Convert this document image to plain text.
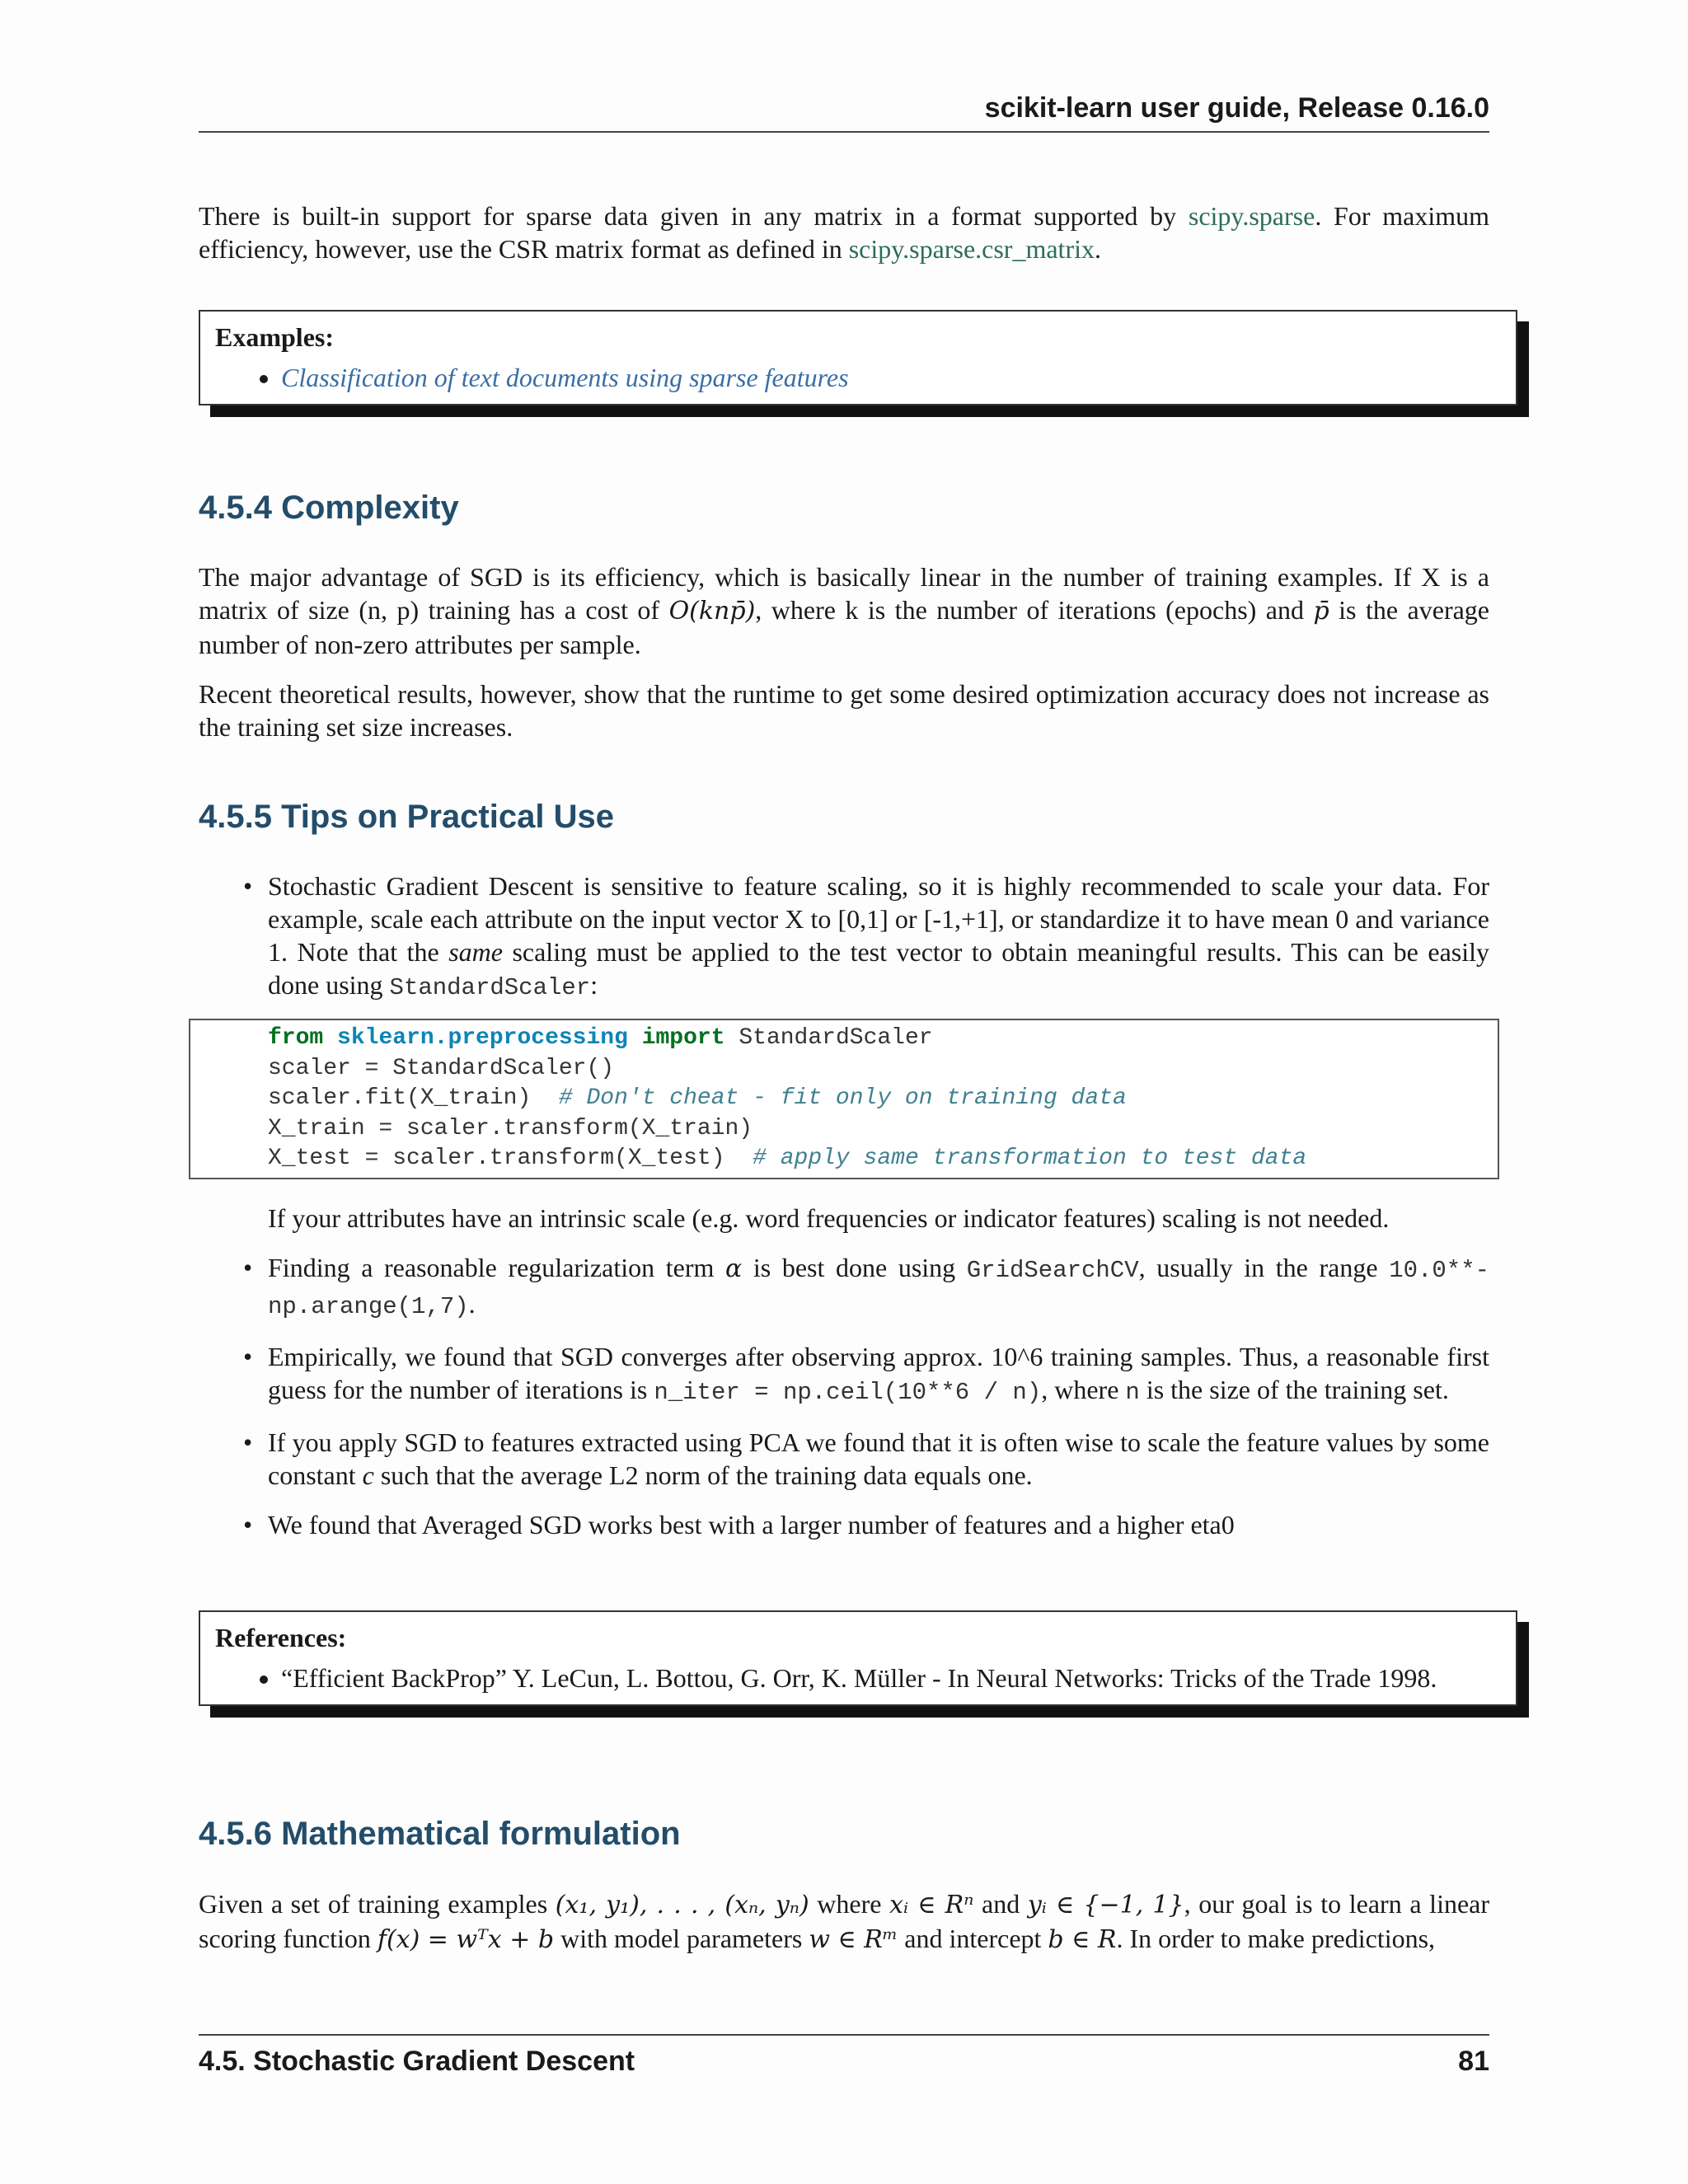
scikit-learn user guide, Release 0.16.0

There is built-in support for sparse data given in any matrix in a format supported by scipy.sparse. For maximum efficiency, however, use the CSR matrix format as defined in scipy.sparse.csr_matrix.

Examples:
• Classification of text documents using sparse features
4.5.4 Complexity

The major advantage of SGD is its efficiency, which is basically linear in the number of training examples. If X is a matrix of size (n, p) training has a cost of O(knp̄), where k is the number of iterations (epochs) and p̄ is the average number of non-zero attributes per sample.

Recent theoretical results, however, show that the runtime to get some desired optimization accuracy does not increase as the training set size increases.

4.5.5 Tips on Practical Use
• Stochastic Gradient Descent is sensitive to feature scaling, so it is highly recommended to scale your data. For example, scale each attribute on the input vector X to [0,1] or [-1,+1], or standardize it to have mean 0 and variance 1. Note that the same scaling must be applied to the test vector to obtain meaningful results. This can be easily done using StandardScaler:
from sklearn.preprocessing import StandardScaler
scaler = StandardScaler()
scaler.fit(X_train)  # Don't cheat - fit only on training data
X_train = scaler.transform(X_train)
X_test = scaler.transform(X_test)  # apply same transformation to test data

If your attributes have an intrinsic scale (e.g. word frequencies or indicator features) scaling is not needed.

• Finding a reasonable regularization term α is best done using GridSearchCV, usually in the range 10.0**-np.arange(1,7).
• Empirically, we found that SGD converges after observing approx. 10^6 training samples. Thus, a reasonable first guess for the number of iterations is n_iter = np.ceil(10**6 / n), where n is the size of the training set.
• If you apply SGD to features extracted using PCA we found that it is often wise to scale the feature values by some constant c such that the average L2 norm of the training data equals one.
• We found that Averaged SGD works best with a larger number of features and a higher eta0
References:
• “Efficient BackProp” Y. LeCun, L. Bottou, G. Orr, K. Müller - In Neural Networks: Tricks of the Trade 1998.
4.5.6 Mathematical formulation

Given a set of training examples (x₁, y₁), . . . , (xₙ, yₙ) where xᵢ ∈ Rⁿ and yᵢ ∈ {−1, 1}, our goal is to learn a linear scoring function f(x) = wᵀx + b with model parameters w ∈ Rᵐ and intercept b ∈ R. In order to make predictions,

4.5. Stochastic Gradient Descent	81
